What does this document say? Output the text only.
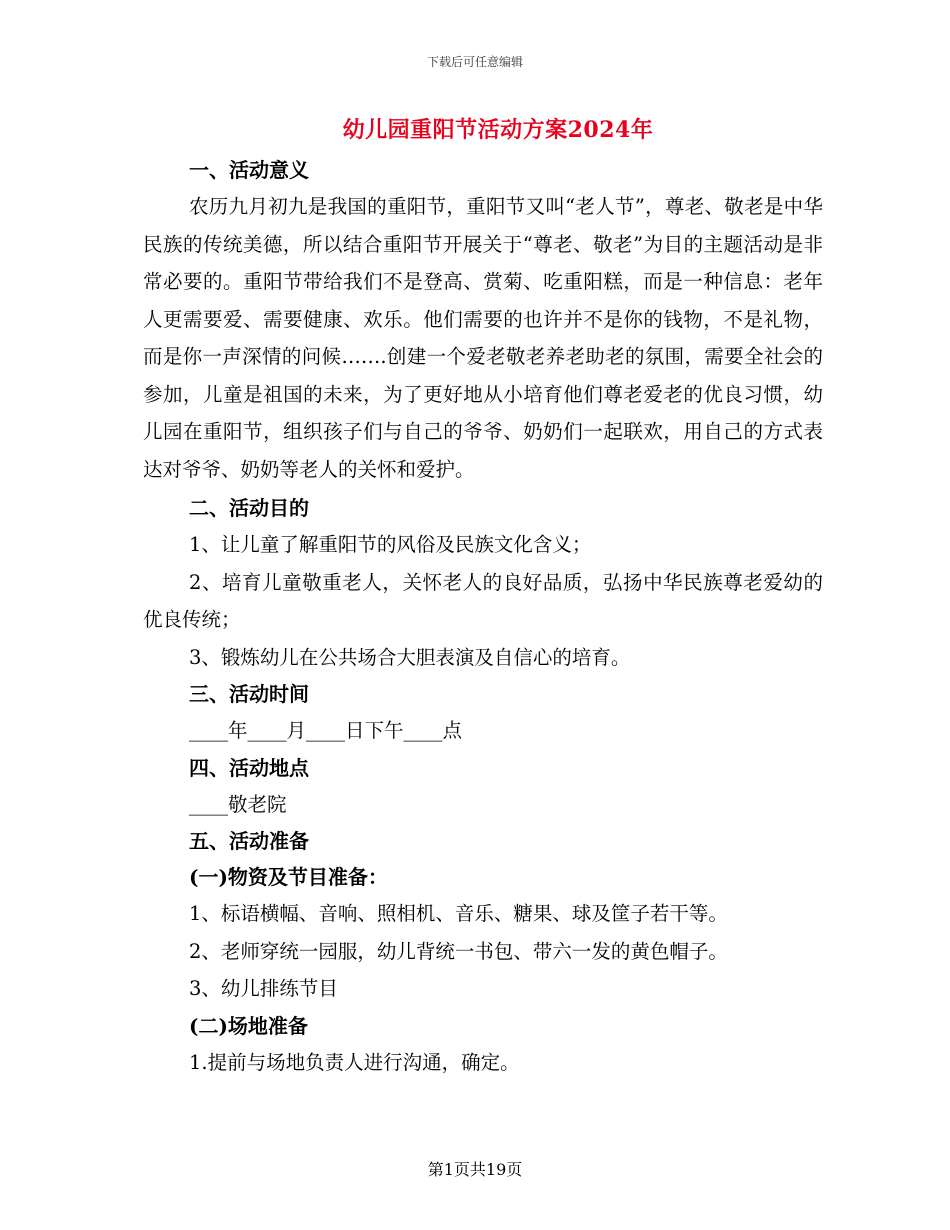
下载后可任意编辑
幼儿园重阳节活动方案2024年

一、活动意义

农历九月初九是我国的重阳节，重阳节又叫“老人节”，尊老、敬老是中华民族的传统美德，所以结合重阳节开展关于“尊老、敬老”为目的主题活动是非常必要的。重阳节带给我们不是登高、赏菊、吃重阳糕，而是一种信息：老年人更需要爱、需要健康、欢乐。他们需要的也许并不是你的钱物，不是礼物，而是你一声深情的问候…….创建一个爱老敬老养老助老的氛围，需要全社会的参加，儿童是祖国的未来，为了更好地从小培育他们尊老爱老的优良习惯，幼儿园在重阳节，组织孩子们与自己的爷爷、奶奶们一起联欢，用自己的方式表达对爷爷、奶奶等老人的关怀和爱护。

二、活动目的

1、让儿童了解重阳节的风俗及民族文化含义；

2、培育儿童敬重老人，关怀老人的良好品质，弘扬中华民族尊老爱幼的优良传统；

3、锻炼幼儿在公共场合大胆表演及自信心的培育。

三、活动时间

____年____月____日下午____点

四、活动地点

____敬老院

五、活动准备

(一)物资及节目准备：

1、标语横幅、音响、照相机、音乐、糖果、球及筐子若干等。

2、老师穿统一园服，幼儿背统一书包、带六一发的黄色帽子。

3、幼儿排练节目

(二)场地准备

1.提前与场地负责人进行沟通，确定。

第1页共19页
